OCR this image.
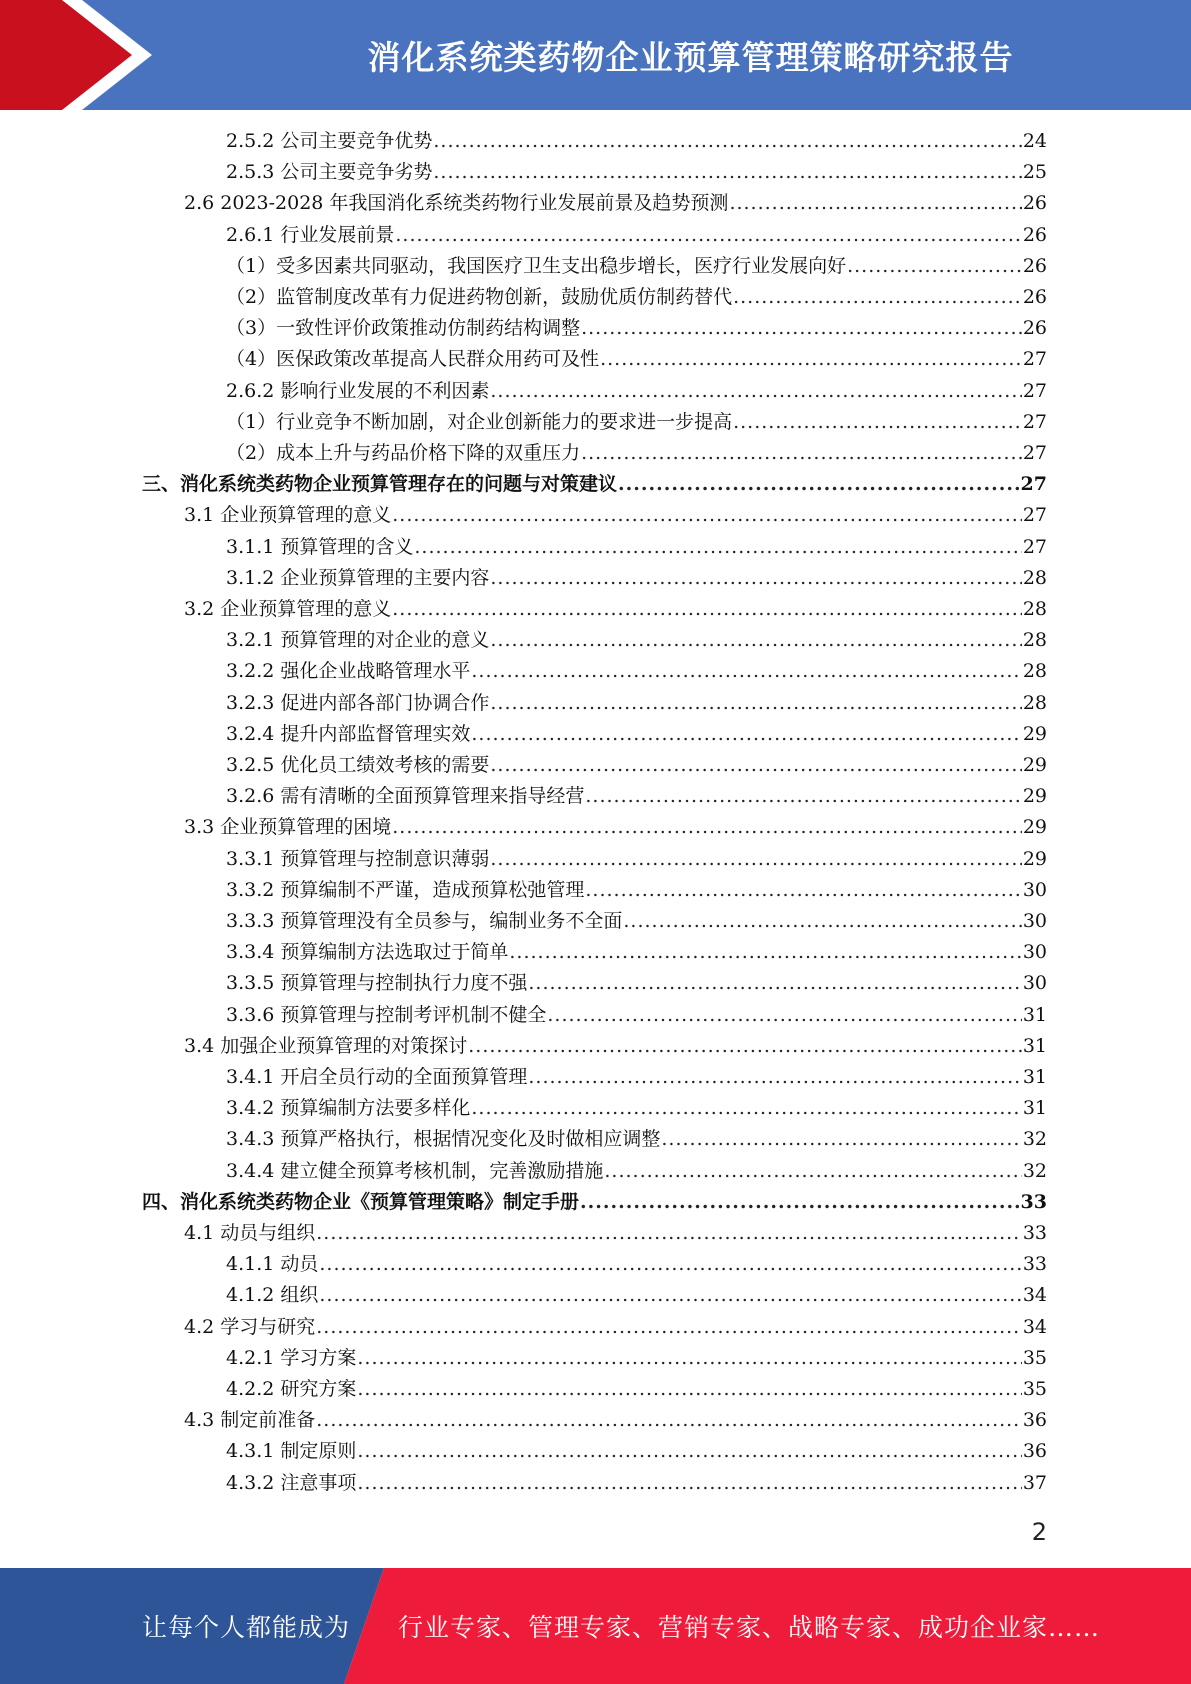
消化系统类药物企业预算管理策略研究报告
2.5.2 公司主要竞争优势 .....	24
2.5.3 公司主要竞争劣势 .....	25
2.6 2023-2028 年我国消化系统类药物行业发展前景及趋势预测 .....	26
2.6.1 行业发展前景 .....	26
（1）受多因素共同驱动，我国医疗卫生支出稳步增长，医疗行业发展向好 .....	26
（2）监管制度改革有力促进药物创新，鼓励优质仿制药替代 .....	26
（3）一致性评价政策推动仿制药结构调整 .....	26
（4）医保政策改革提高人民群众用药可及性 .....	27
2.6.2 影响行业发展的不利因素 .....	27
（1）行业竞争不断加剧，对企业创新能力的要求进一步提高 .....	27
（2）成本上升与药品价格下降的双重压力 .....	27
三、消化系统类药物企业预算管理存在的问题与对策建议 .....	27
3.1 企业预算管理的意义 .....	27
3.1.1 预算管理的含义 .....	27
3.1.2 企业预算管理的主要内容 .....	28
3.2 企业预算管理的意义 .....	28
3.2.1 预算管理的对企业的意义 .....	28
3.2.2 强化企业战略管理水平 .....	28
3.2.3 促进内部各部门协调合作 .....	28
3.2.4 提升内部监督管理实效 .....	29
3.2.5 优化员工绩效考核的需要 .....	29
3.2.6 需有清晰的全面预算管理来指导经营 .....	29
3.3 企业预算管理的困境 .....	29
3.3.1 预算管理与控制意识薄弱 .....	29
3.3.2 预算编制不严谨，造成预算松弛管理 .....	30
3.3.3 预算管理没有全员参与，编制业务不全面 .....	30
3.3.4 预算编制方法选取过于简单 .....	30
3.3.5 预算管理与控制执行力度不强 .....	30
3.3.6 预算管理与控制考评机制不健全 .....	31
3.4 加强企业预算管理的对策探讨 .....	31
3.4.1 开启全员行动的全面预算管理 .....	31
3.4.2 预算编制方法要多样化 .....	31
3.4.3 预算严格执行，根据情况变化及时做相应调整 .....	32
3.4.4 建立健全预算考核机制，完善激励措施 .....	32
四、消化系统类药物企业《预算管理策略》制定手册 .....	33
4.1 动员与组织 .....	33
4.1.1 动员 .....	33
4.1.2 组织 .....	34
4.2 学习与研究 .....	34
4.2.1 学习方案 .....	35
4.2.2 研究方案 .....	35
4.3 制定前准备 .....	36
4.3.1 制定原则 .....	36
4.3.2 注意事项 .....	37
2
让每个人都能成为 行业专家、管理专家、营销专家、战略专家、成功企业家……
